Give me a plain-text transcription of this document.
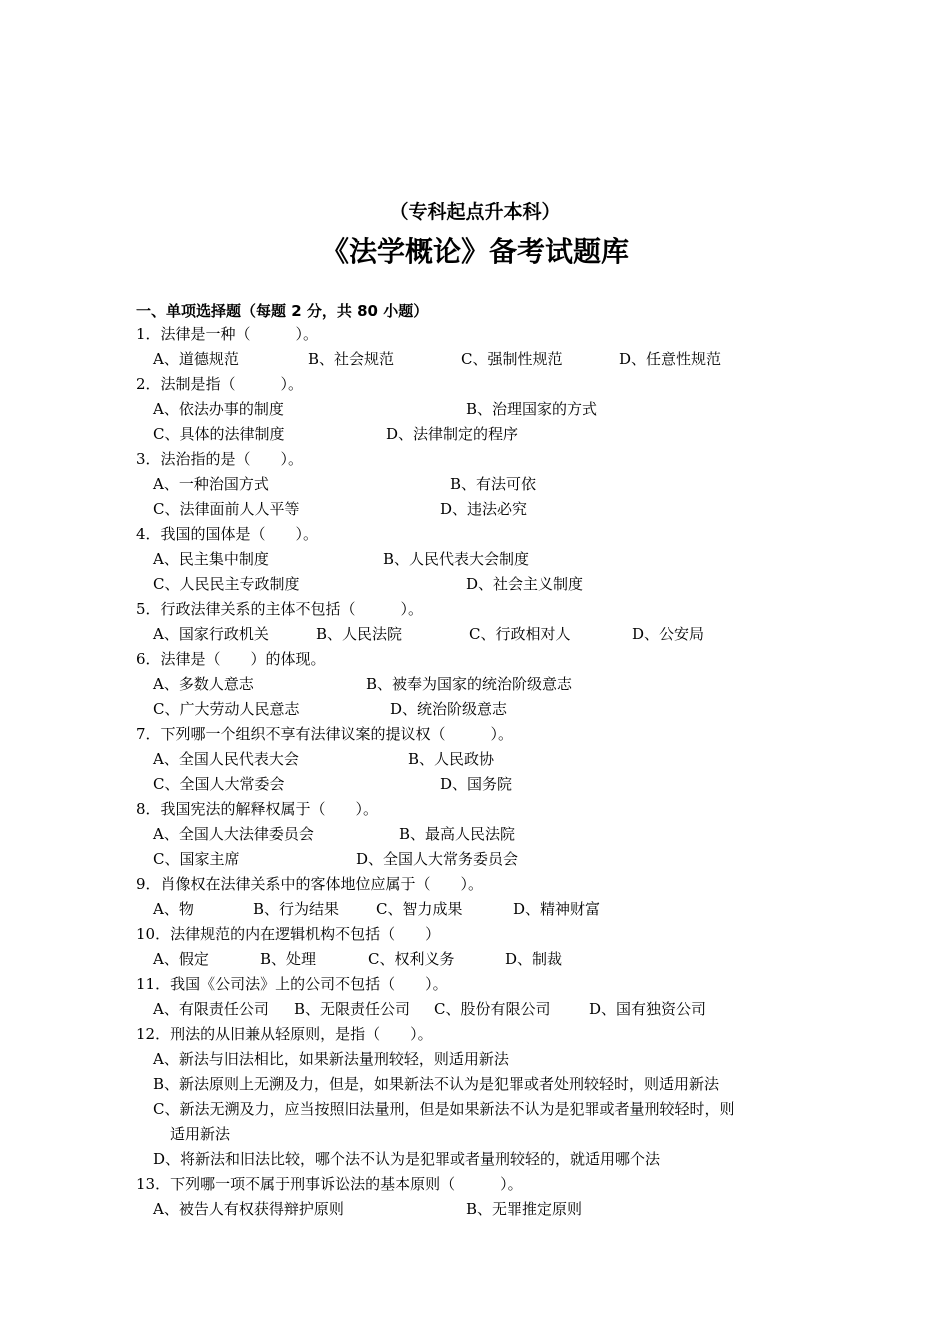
（专科起点升本科）
《法学概论》备考试题库
一、单项选择题（每题 2 分，共 80 小题）
1．法律是一种（　　　）。
A、道德规范	B、社会规范	C、强制性规范	D、任意性规范
2．法制是指（　　　）。
A、依法办事的制度	B、治理国家的方式
C、具体的法律制度	D、法律制定的程序
3．法治指的是（　　）。
A、一种治国方式	B、有法可依
C、法律面前人人平等	D、违法必究
4．我国的国体是（　　）。
A、民主集中制度	B、人民代表大会制度
C、人民民主专政制度	D、社会主义制度
5．行政法律关系的主体不包括（　　　）。
A、国家行政机关	B、人民法院	C、行政相对人	D、公安局
6．法律是（　　）的体现。
A、多数人意志	B、被奉为国家的统治阶级意志
C、广大劳动人民意志	D、统治阶级意志
7．下列哪一个组织不享有法律议案的提议权（　　　）。
A、全国人民代表大会	B、人民政协
C、全国人大常委会	D、国务院
8．我国宪法的解释权属于（　　）。
A、全国人大法律委员会	B、最高人民法院
C、国家主席	D、全国人大常务委员会
9．肖像权在法律关系中的客体地位应属于（　　）。
A、物	B、行为结果 C、智力成果	D、精神财富
10．法律规范的内在逻辑机构不包括（　　）
A、假定	B、处理	C、权利义务	D、制裁
11．我国《公司法》上的公司不包括（　　）。
A、有限责任公司 B、无限责任公司 C、股份有限公司	D、国有独资公司
12．刑法的从旧兼从轻原则，是指（　　）。
A、新法与旧法相比，如果新法量刑较轻，则适用新法
B、新法原则上无溯及力，但是，如果新法不认为是犯罪或者处刑较轻时，则适用新法
C、新法无溯及力，应当按照旧法量刑，但是如果新法不认为是犯罪或者量刑较轻时，则
适用新法
D、将新法和旧法比较，哪个法不认为是犯罪或者量刑较轻的，就适用哪个法
13．下列哪一项不属于刑事诉讼法的基本原则（　　　）。
A、被告人有权获得辩护原则	B、无罪推定原则
